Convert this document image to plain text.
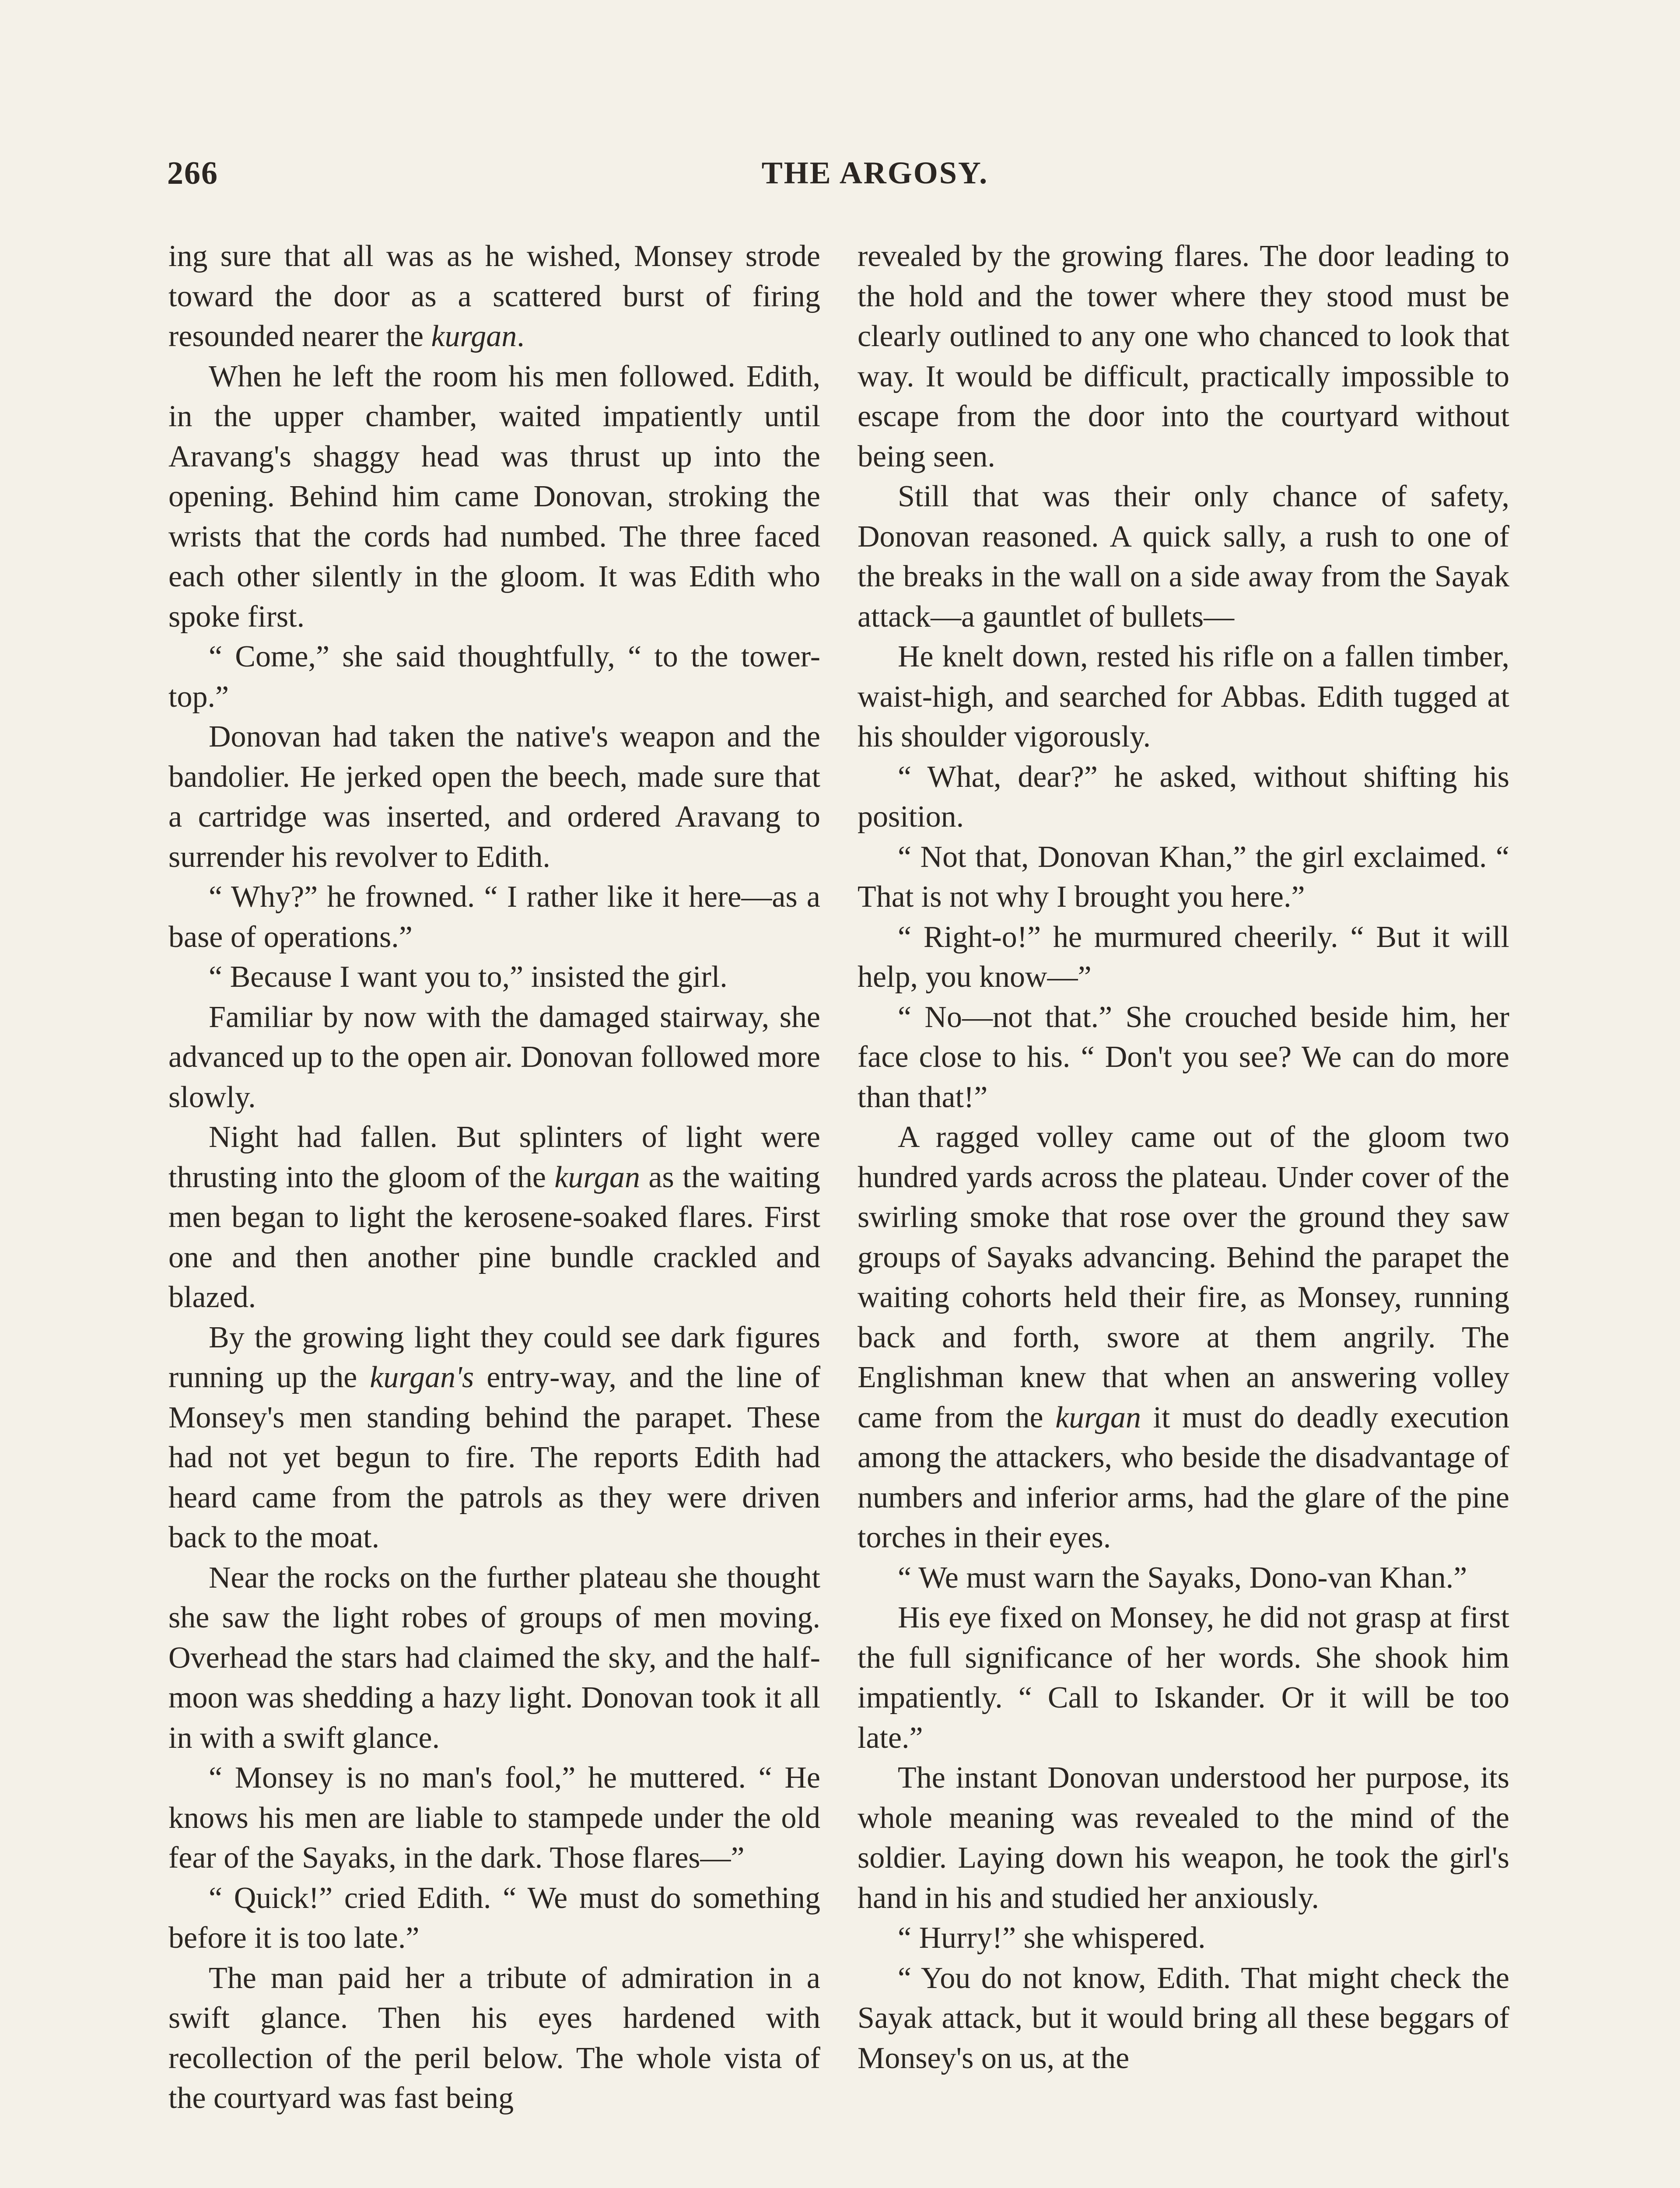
266	THE ARGOSY.

ing sure that all was as he wished, Monsey strode toward the door as a scattered burst of firing resounded nearer the kurgan.

When he left the room his men followed. Edith, in the upper chamber, waited impatiently until Aravang's shaggy head was thrust up into the opening. Behind him came Donovan, stroking the wrists that the cords had numbed. The three faced each other silently in the gloom. It was Edith who spoke first.

“ Come,” she said thoughtfully, “ to the tower-top.”

Donovan had taken the native's weapon and the bandolier. He jerked open the beech, made sure that a cartridge was inserted, and ordered Aravang to surrender his revolver to Edith.

“ Why?” he frowned. “ I rather like it here—as a base of operations.”

“ Because I want you to,” insisted the girl.

Familiar by now with the damaged stairway, she advanced up to the open air. Donovan followed more slowly.

Night had fallen. But splinters of light were thrusting into the gloom of the kurgan as the waiting men began to light the kerosene-soaked flares. First one and then another pine bundle crackled and blazed.

By the growing light they could see dark figures running up the kurgan's entry-way, and the line of Monsey's men standing behind the parapet. These had not yet begun to fire. The reports Edith had heard came from the patrols as they were driven back to the moat.

Near the rocks on the further plateau she thought she saw the light robes of groups of men moving. Overhead the stars had claimed the sky, and the half-moon was shedding a hazy light. Donovan took it all in with a swift glance.

“ Monsey is no man's fool,” he muttered. “ He knows his men are liable to stampede under the old fear of the Sayaks, in the dark. Those flares—”

“ Quick!” cried Edith. “ We must do something before it is too late.”

The man paid her a tribute of admiration in a swift glance. Then his eyes hardened with recollection of the peril below. The whole vista of the courtyard was fast being

revealed by the growing flares. The door leading to the hold and the tower where they stood must be clearly outlined to any one who chanced to look that way. It would be difficult, practically impossible to escape from the door into the courtyard without being seen.

Still that was their only chance of safety, Donovan reasoned. A quick sally, a rush to one of the breaks in the wall on a side away from the Sayak attack—a gauntlet of bullets—

He knelt down, rested his rifle on a fallen timber, waist-high, and searched for Abbas. Edith tugged at his shoulder vigorously.

“ What, dear?” he asked, without shifting his position.

“ Not that, Donovan Khan,” the girl exclaimed. “ That is not why I brought you here.”

“ Right-o!” he murmured cheerily. “ But it will help, you know—”

“ No—not that.” She crouched beside him, her face close to his. “ Don't you see? We can do more than that!”

A ragged volley came out of the gloom two hundred yards across the plateau. Under cover of the swirling smoke that rose over the ground they saw groups of Sayaks advancing. Behind the parapet the waiting cohorts held their fire, as Monsey, running back and forth, swore at them angrily. The Englishman knew that when an answering volley came from the kurgan it must do deadly execution among the attackers, who beside the disadvantage of numbers and inferior arms, had the glare of the pine torches in their eyes.

“ We must warn the Sayaks, Dono-van Khan.”

His eye fixed on Monsey, he did not grasp at first the full significance of her words. She shook him impatiently. “ Call to Iskander. Or it will be too late.”

The instant Donovan understood her purpose, its whole meaning was revealed to the mind of the soldier. Laying down his weapon, he took the girl's hand in his and studied her anxiously.

“ Hurry!” she whispered.

“ You do not know, Edith. That might check the Sayak attack, but it would bring all these beggars of Monsey's on us, at the
